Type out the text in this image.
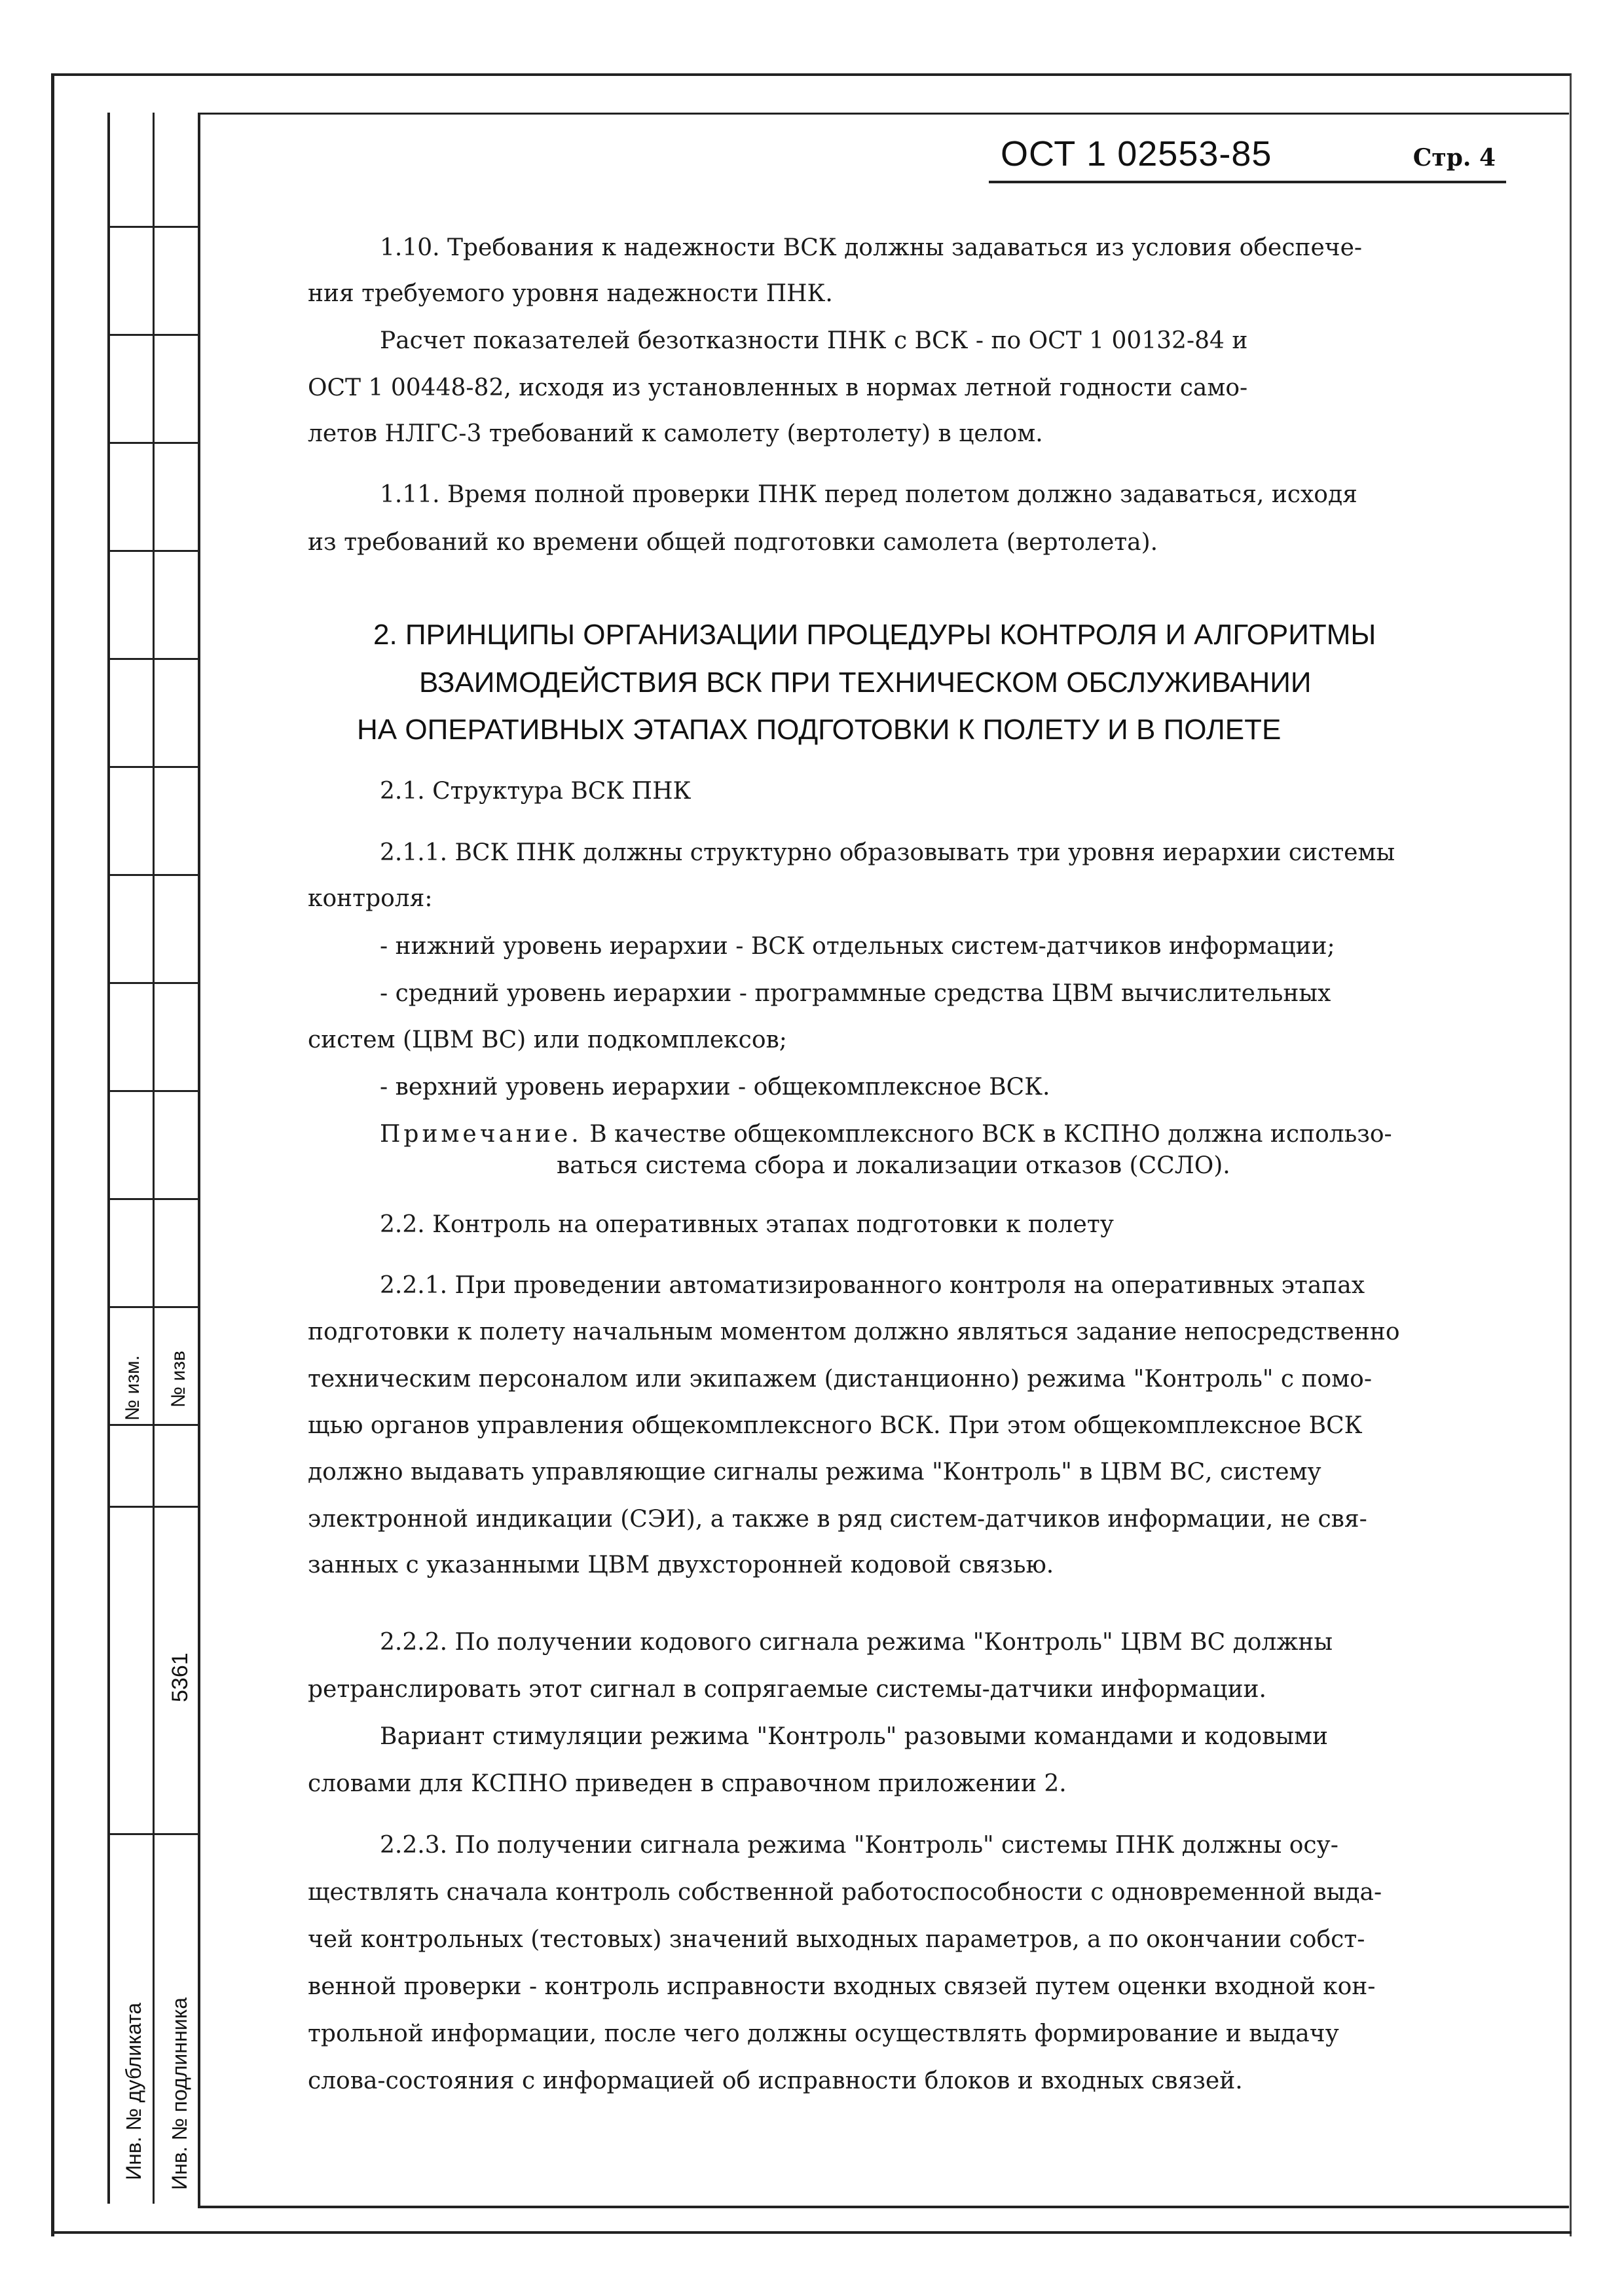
№ изм. № изв
5361
Инв. № дубликата Инв. № подлинника
ОСТ 1 02553-85	Стр. 4
1.10. Требования к надежности ВСК должны задаваться из условия обеспече-
ния требуемого уровня надежности ПНК.
Расчет показателей безотказности ПНК с ВСК - по ОСТ 1 00132-84 и
ОСТ 1 00448-82, исходя из установленных в нормах летной годности само-
летов НЛГС-3 требований к самолету (вертолету) в целом.
1.11. Время полной проверки ПНК перед полетом должно задаваться, исходя
из требований ко времени общей подготовки самолета (вертолета).
2. ПРИНЦИПЫ ОРГАНИЗАЦИИ ПРОЦЕДУРЫ КОНТРОЛЯ И АЛГОРИТМЫ
ВЗАИМОДЕЙСТВИЯ ВСК ПРИ ТЕХНИЧЕСКОМ ОБСЛУЖИВАНИИ
НА ОПЕРАТИВНЫХ ЭТАПАХ ПОДГОТОВКИ К ПОЛЕТУ И В ПОЛЕТЕ
2.1. Структура ВСК ПНК
2.1.1. ВСК ПНК должны структурно образовывать три уровня иерархии системы
контроля:
- нижний уровень иерархии - ВСК отдельных систем-датчиков информации;
- средний уровень иерархии - программные средства ЦВМ вычислительных
систем (ЦВМ ВС) или подкомплексов;
- верхний уровень иерархии - общекомплексное ВСК.
Примечание. В качестве общекомплексного ВСК в КСПНО должна использо-
ваться система сбора и локализации отказов (ССЛО).
2.2. Контроль на оперативных этапах подготовки к полету
2.2.1. При проведении автоматизированного контроля на оперативных этапах
подготовки к полету начальным моментом должно являться задание непосредственно
техническим персоналом или экипажем (дистанционно) режима "Контроль" с помо-
щью органов управления общекомплексного ВСК. При этом общекомплексное ВСК
должно выдавать управляющие сигналы режима "Контроль" в ЦВМ ВС, систему
электронной индикации (СЭИ), а также в ряд систем-датчиков информации, не свя-
занных с указанными ЦВМ двухсторонней кодовой связью.
2.2.2. По получении кодового сигнала режима "Контроль" ЦВМ ВС должны
ретранслировать этот сигнал в сопрягаемые системы-датчики информации.
Вариант стимуляции режима "Контроль" разовыми командами и кодовыми
словами для КСПНО приведен в справочном приложении 2.
2.2.3. По получении сигнала режима "Контроль" системы ПНК должны осу-
ществлять сначала контроль собственной работоспособности с одновременной выда-
чей контрольных (тестовых) значений выходных параметров, а по окончании собст-
венной проверки - контроль исправности входных связей путем оценки входной кон-
трольной информации, после чего должны осуществлять формирование и выдачу
слова-состояния с информацией об исправности блоков и входных связей.
